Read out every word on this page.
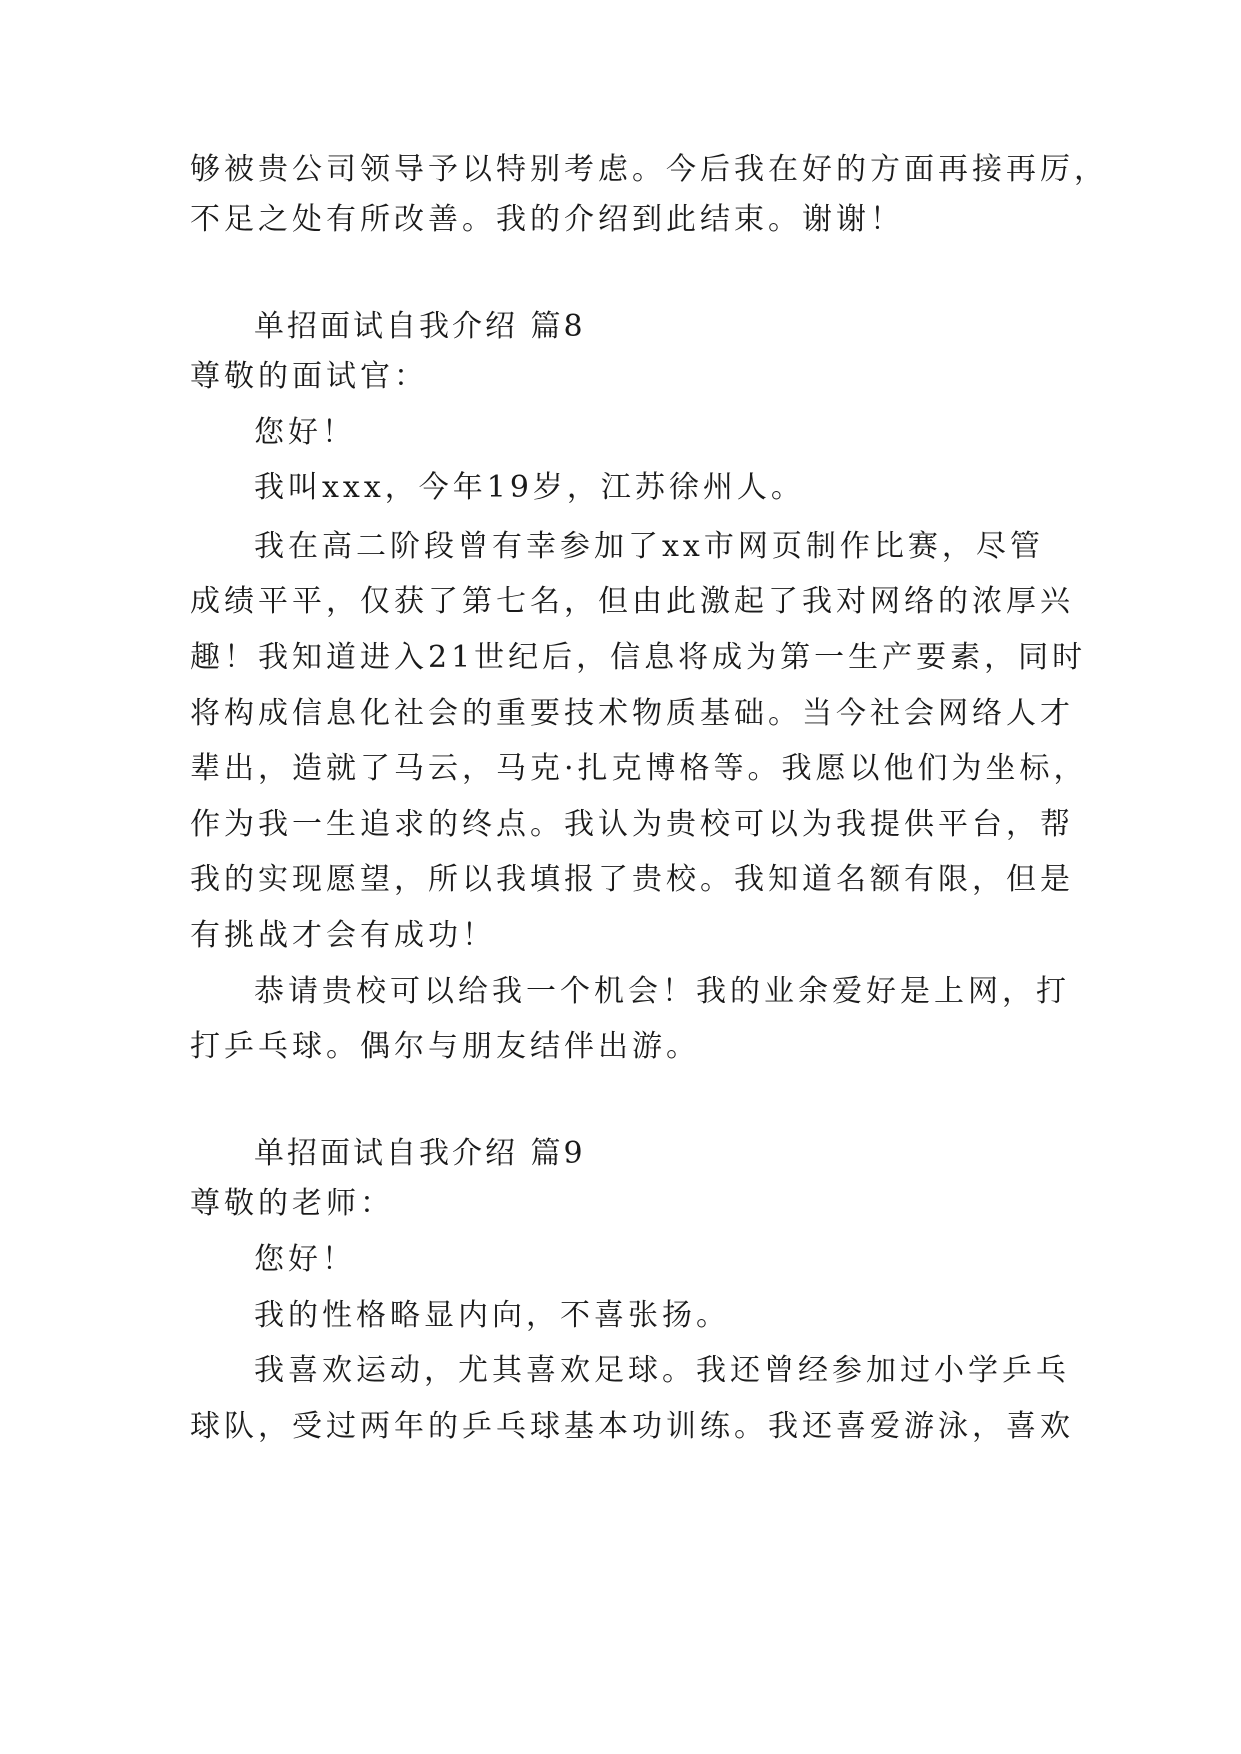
够被贵公司领导予以特别考虑。今后我在好的方面再接再厉，
不足之处有所改善。我的介绍到此结束。谢谢！
单招面试自我介绍 篇8
尊敬的面试官：
您好！
我叫xxx，今年19岁，江苏徐州人。
我在高二阶段曾有幸参加了xx市网页制作比赛，尽管
成绩平平，仅获了第七名，但由此激起了我对网络的浓厚兴
趣！我知道进入21世纪后，信息将成为第一生产要素，同时
将构成信息化社会的重要技术物质基础。当今社会网络人才
辈出，造就了马云，马克·扎克博格等。我愿以他们为坐标，
作为我一生追求的终点。我认为贵校可以为我提供平台，帮
我的实现愿望，所以我填报了贵校。我知道名额有限，但是
有挑战才会有成功！
恭请贵校可以给我一个机会！我的业余爱好是上网，打
打乒乓球。偶尔与朋友结伴出游。
单招面试自我介绍 篇9
尊敬的老师：
您好！
我的性格略显内向，不喜张扬。
我喜欢运动，尤其喜欢足球。我还曾经参加过小学乒乓
球队，受过两年的乒乓球基本功训练。我还喜爱游泳，喜欢
